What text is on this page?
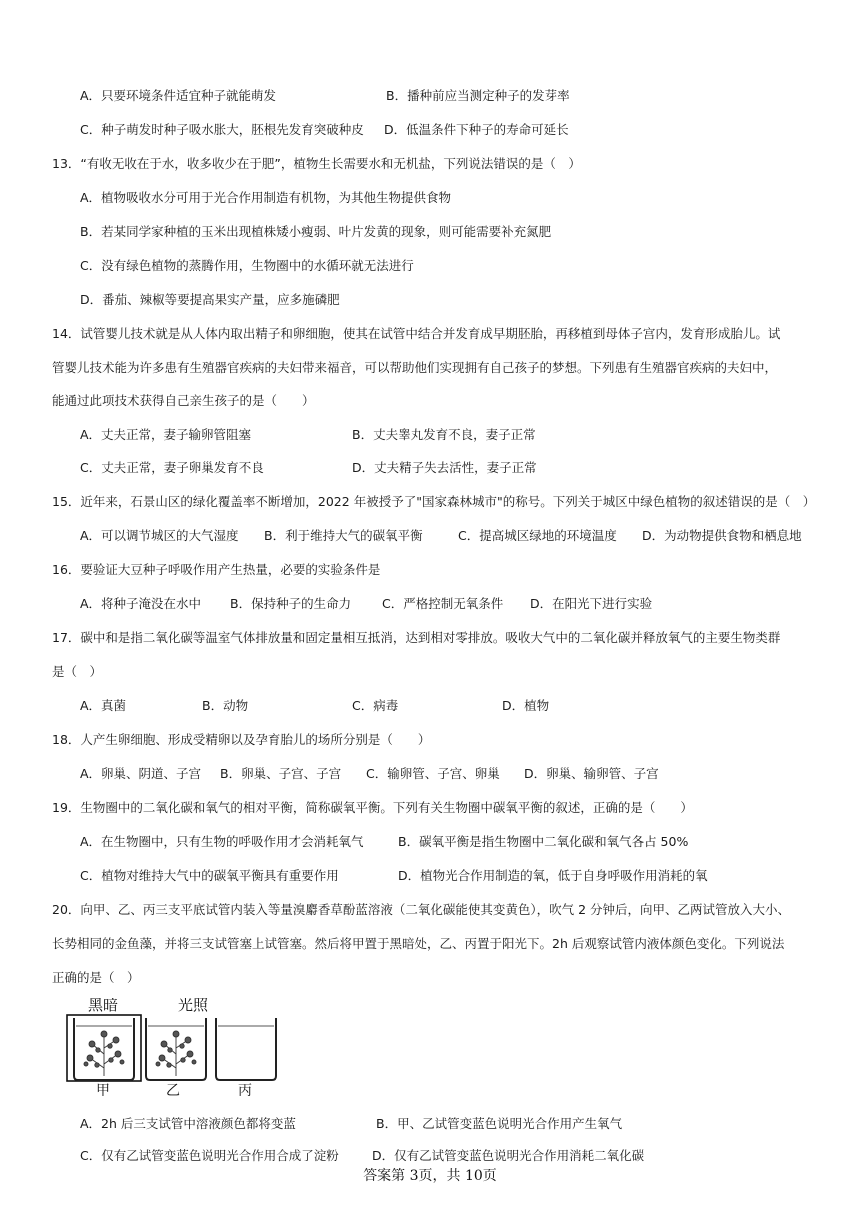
A．只要环境条件适宜种子就能萌发	B．播种前应当测定种子的发芽率
C．种子萌发时种子吸水胀大，胚根先发育突破种皮 D．低温条件下种子的寿命可延长
13．“有收无收在于水，收多收少在于肥”，植物生长需要水和无机盐，下列说法错误的是（　）
A．植物吸收水分可用于光合作用制造有机物，为其他生物提供食物
B．若某同学家种植的玉米出现植株矮小瘦弱、叶片发黄的现象，则可能需要补充氮肥
C．没有绿色植物的蒸腾作用，生物圈中的水循环就无法进行
D．番茄、辣椒等要提高果实产量，应多施磷肥
14．试管婴儿技术就是从人体内取出精子和卵细胞，使其在试管中结合并发育成早期胚胎，再移植到母体子宫内，发育形成胎儿。试
管婴儿技术能为许多患有生殖器官疾病的夫妇带来福音，可以帮助他们实现拥有自己孩子的梦想。下列患有生殖器官疾病的夫妇中，
能通过此项技术获得自己亲生孩子的是（　　）
A．丈夫正常，妻子输卵管阻塞	B．丈夫睾丸发育不良，妻子正常
C．丈夫正常，妻子卵巢发育不良	D．丈夫精子失去活性，妻子正常
15．近年来，石景山区的绿化覆盖率不断增加，2022 年被授予了"国家森林城市"的称号。下列关于城区中绿色植物的叙述错误的是（　）
A．可以调节城区的大气湿度 B．利于维持大气的碳氧平衡	C．提高城区绿地的环境温度 D．为动物提供食物和栖息地
16．要验证大豆种子呼吸作用产生热量，必要的实验条件是
A．将种子淹没在水中 B．保持种子的生命力 C．严格控制无氧条件 D．在阳光下进行实验
17．碳中和是指二氧化碳等温室气体排放量和固定量相互抵消，达到相对零排放。吸收大气中的二氧化碳并释放氧气的主要生物类群
是（　）
A．真菌	B．动物	C．病毒	D．植物
18．人产生卵细胞、形成受精卵以及孕育胎儿的场所分别是（　　）
A．卵巢、阴道、子宫 B．卵巢、子宫、子宫 C．输卵管、子宫、卵巢 D．卵巢、输卵管、子宫
19．生物圈中的二氧化碳和氧气的相对平衡，简称碳氧平衡。下列有关生物圈中碳氧平衡的叙述，正确的是（　　）
A．在生物圈中，只有生物的呼吸作用才会消耗氧气	B．碳氧平衡是指生物圈中二氧化碳和氧气各占 50%
C．植物对维持大气中的碳氧平衡具有重要作用	D．植物光合作用制造的氧，低于自身呼吸作用消耗的氧
20．向甲、乙、丙三支平底试管内装入等量溴麝香草酚蓝溶液（二氧化碳能使其变黄色），吹气 2 分钟后，向甲、乙两试管放入大小、
长势相同的金鱼藻，并将三支试管塞上试管塞。然后将甲置于黑暗处，乙、丙置于阳光下。2h 后观察试管内液体颜色变化。下列说法
正确的是（　）
黑暗	光照
甲	乙	丙
A．2h 后三支试管中溶液颜色都将变蓝	B．甲、乙试管变蓝色说明光合作用产生氧气
C．仅有乙试管变蓝色说明光合作用合成了淀粉	D．仅有乙试管变蓝色说明光合作用消耗二氧化碳
答案第 3页，共 10页
